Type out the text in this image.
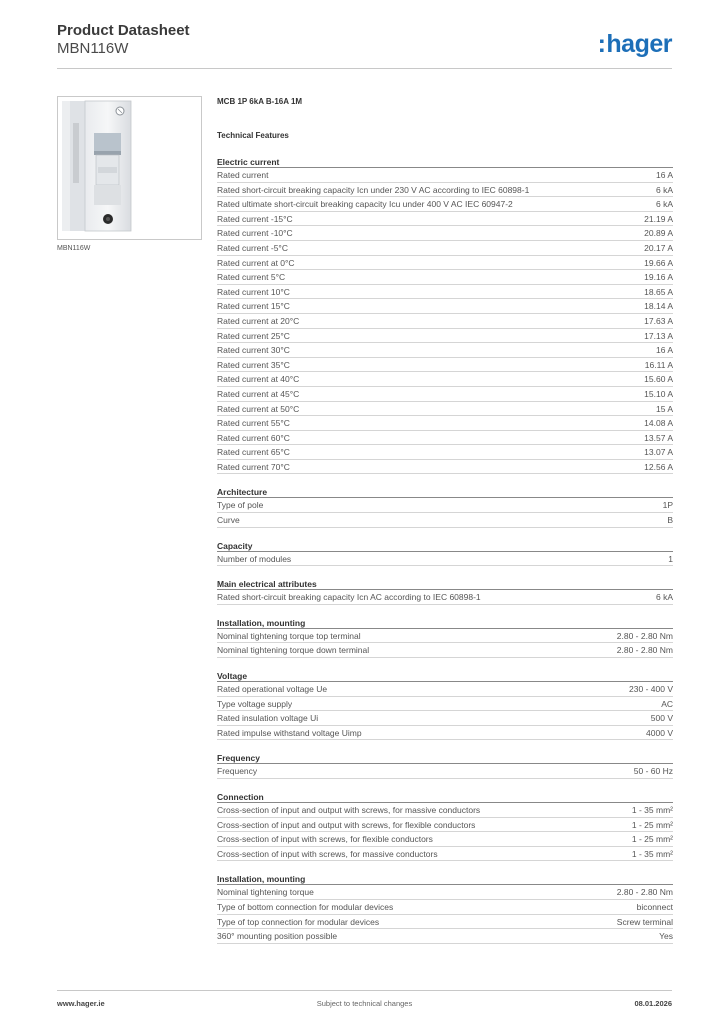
Product Datasheet
MBN116W	:hager
MBN116W
MCB 1P 6kA B-16A 1M
Technical Features
Electric current
Rated current	16 A
Rated short-circuit breaking capacity Icn under 230 V AC according to IEC 60898-1	6 kA
Rated ultimate short-circuit breaking capacity Icu under 400 V AC IEC 60947-2	6 kA
Rated current -15°C	21.19 A
Rated current -10°C	20.89 A
Rated current -5°C	20.17 A
Rated current at 0°C	19.66 A
Rated current 5°C	19.16 A
Rated current 10°C	18.65 A
Rated current 15°C	18.14 A
Rated current at 20°C	17.63 A
Rated current 25°C	17.13 A
Rated current 30°C	16 A
Rated current 35°C	16.11 A
Rated current at 40°C	15.60 A
Rated current at 45°C	15.10 A
Rated current at 50°C	15 A
Rated current 55°C	14.08 A
Rated current 60°C	13.57 A
Rated current 65°C	13.07 A
Rated current 70°C	12.56 A
Architecture
Type of pole	1P
Curve	B
Capacity
Number of modules	1
Main electrical attributes
Rated short-circuit breaking capacity Icn AC according to IEC 60898-1	6 kA
Installation, mounting
Nominal tightening torque top terminal	2.80 - 2.80 Nm
Nominal tightening torque down terminal	2.80 - 2.80 Nm
Voltage
Rated operational voltage Ue	230 - 400 V
Type voltage supply	AC
Rated insulation voltage Ui	500 V
Rated impulse withstand voltage Uimp	4000 V
Frequency
Frequency	50 - 60 Hz
Connection
Cross-section of input and output with screws, for massive conductors	1 - 35 mm²
Cross-section of input and output with screws, for flexible conductors	1 - 25 mm²
Cross-section of input with screws, for flexible conductors	1 - 25 mm²
Cross-section of input with screws, for massive conductors	1 - 35 mm²
Installation, mounting
Nominal tightening torque	2.80 - 2.80 Nm
Type of bottom connection for modular devices	biconnect
Type of top connection for modular devices	Screw terminal
360° mounting position possible	Yes
www.hager.ie	Subject to technical changes	08.01.2026
